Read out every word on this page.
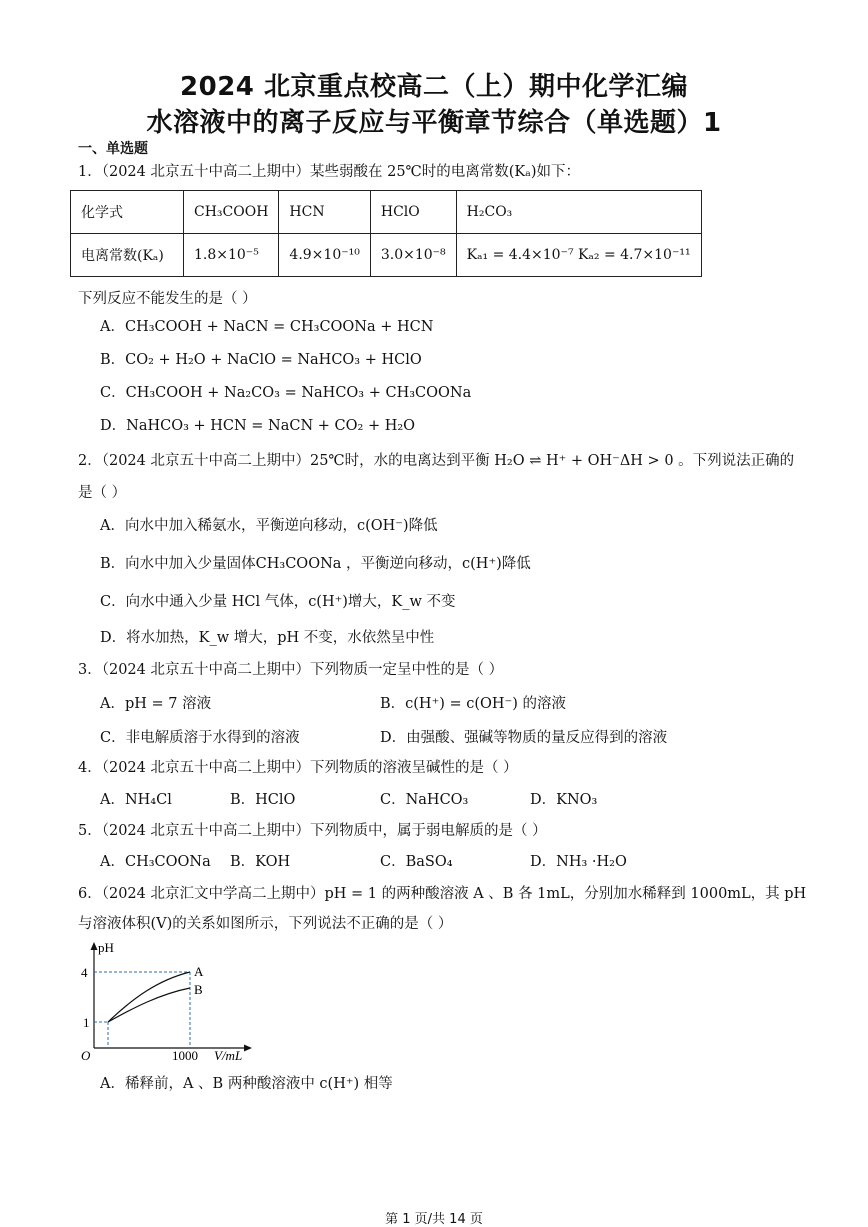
2024 北京重点校高二（上）期中化学汇编
水溶液中的离子反应与平衡章节综合（单选题）1
一、单选题
1．（2024 北京五十中高二上期中）某些弱酸在 25℃时的电离常数(Kₐ)如下：
化学式	CH₃COOH	HCN	HClO	H₂CO₃
电离常数(Kₐ)	1.8×10⁻⁵	4.9×10⁻¹⁰	3.0×10⁻⁸	Kₐ₁ = 4.4×10⁻⁷ Kₐ₂ = 4.7×10⁻¹¹
下列反应不能发生的是（ ）
A．CH₃COOH + NaCN = CH₃COONa + HCN
B．CO₂ + H₂O + NaClO = NaHCO₃ + HClO
C．CH₃COOH + Na₂CO₃ = NaHCO₃ + CH₃COONa
D．NaHCO₃ + HCN = NaCN + CO₂ + H₂O
2．（2024 北京五十中高二上期中）25℃时，水的电离达到平衡 H₂O ⇌ H⁺ + OH⁻ΔH > 0 。下列说法正确的
是（ ）
A．向水中加入稀氨水，平衡逆向移动，c(OH⁻)降低
B．向水中加入少量固体CH₃COONa ，平衡逆向移动，c(H⁺)降低
C．向水中通入少量 HCl 气体，c(H⁺)增大，K_w 不变
D．将水加热，K_w 增大，pH 不变，水依然呈中性
3．（2024 北京五十中高二上期中）下列物质一定呈中性的是（ ）
A．pH = 7 溶液	B．c(H⁺) = c(OH⁻) 的溶液
C．非电解质溶于水得到的溶液	D．由强酸、强碱等物质的量反应得到的溶液
4．（2024 北京五十中高二上期中）下列物质的溶液呈碱性的是（ ）
A．NH₄Cl	B．HClO	C．NaHCO₃	D．KNO₃
5．（2024 北京五十中高二上期中）下列物质中，属于弱电解质的是（ ）
A．CH₃COONa B．KOH	C．BaSO₄	D．NH₃ ·H₂O
6．（2024 北京汇文中学高二上期中）pH = 1 的两种酸溶液 A 、B 各 1mL，分别加水稀释到 1000mL，其 pH
与溶液体积(V)的关系如图所示，下列说法不正确的是（ ）
pH
4
1
O	1000 V/mL
A
B
A．稀释前，A 、B 两种酸溶液中 c(H⁺) 相等
第 1 页/共 14 页
